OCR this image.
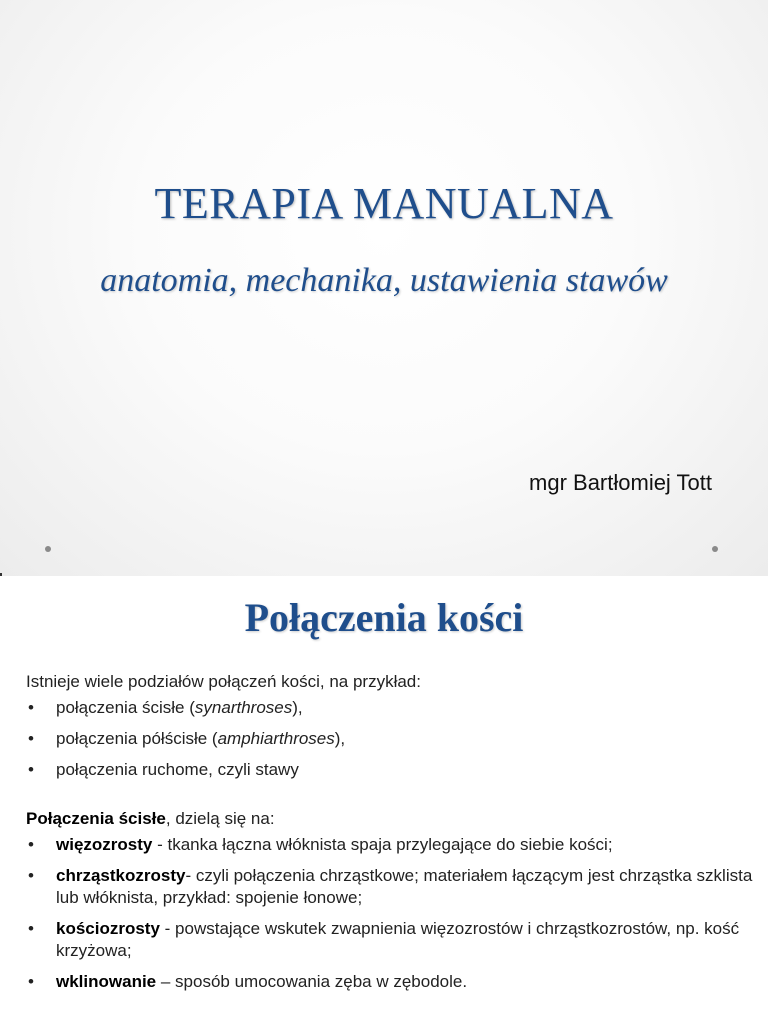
TERAPIA MANUALNA
anatomia, mechanika, ustawienia stawów
mgr Bartłomiej Tott
Połączenia kości

Istnieje wiele podziałów połączeń kości, na przykład:

• połączenia ścisłe (synarthroses),
• połączenia półścisłe (amphiarthroses),
• połączenia ruchome, czyli stawy

Połączenia ścisłe, dzielą się na:

• więzozrosty - tkanka łączna włóknista spaja przylegające do siebie kości;
• chrząstkozrosty- czyli połączenia chrząstkowe; materiałem łączącym jest chrząstka szklista lub włóknista, przykład: spojenie łonowe;
• kościozrosty - powstające wskutek zwapnienia więzozrostów i chrząstkozrostów, np. kość krzyżowa;
• wklinowanie – sposób umocowania zęba w zębodole.
